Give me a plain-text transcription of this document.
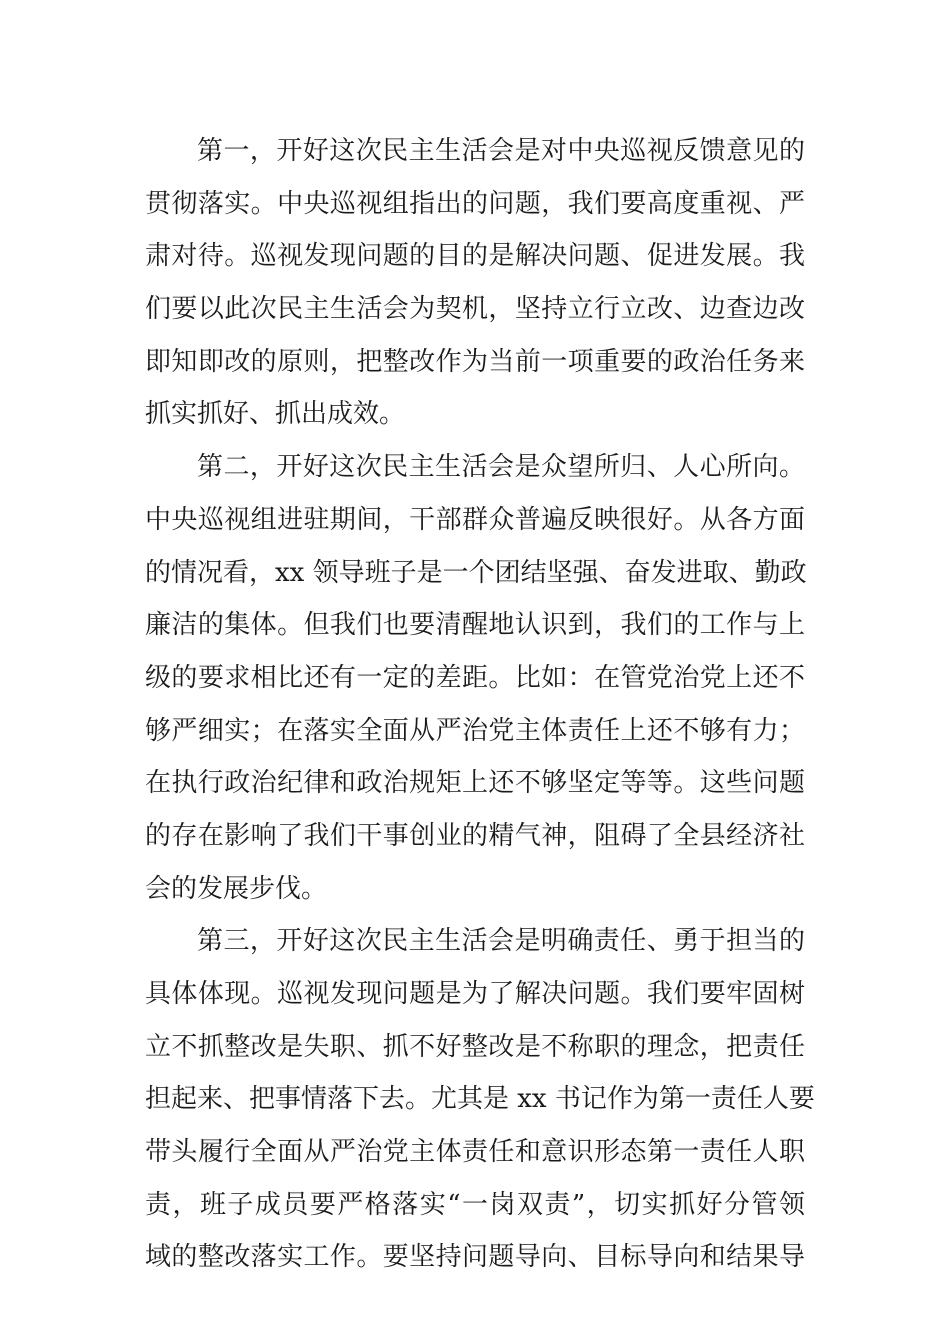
第一，开好这次民主生活会是对中央巡视反馈意见的
贯彻落实。中央巡视组指出的问题，我们要高度重视、严
肃对待。巡视发现问题的目的是解决问题、促进发展。我
们要以此次民主生活会为契机，坚持立行立改、边查边改
即知即改的原则，把整改作为当前一项重要的政治任务来
抓实抓好、抓出成效。
第二，开好这次民主生活会是众望所归、人心所向。
中央巡视组进驻期间，干部群众普遍反映很好。从各方面
的情况看，xx 领导班子是一个团结坚强、奋发进取、勤政
廉洁的集体。但我们也要清醒地认识到，我们的工作与上
级的要求相比还有一定的差距。比如：在管党治党上还不
够严细实；在落实全面从严治党主体责任上还不够有力；
在执行政治纪律和政治规矩上还不够坚定等等。这些问题
的存在影响了我们干事创业的精气神，阻碍了全县经济社
会的发展步伐。
第三，开好这次民主生活会是明确责任、勇于担当的
具体体现。巡视发现问题是为了解决问题。我们要牢固树
立不抓整改是失职、抓不好整改是不称职的理念，把责任
担起来、把事情落下去。尤其是 xx 书记作为第一责任人要
带头履行全面从严治党主体责任和意识形态第一责任人职
责，班子成员要严格落实“一岗双责”，切实抓好分管领
域的整改落实工作。要坚持问题导向、目标导向和结果导
